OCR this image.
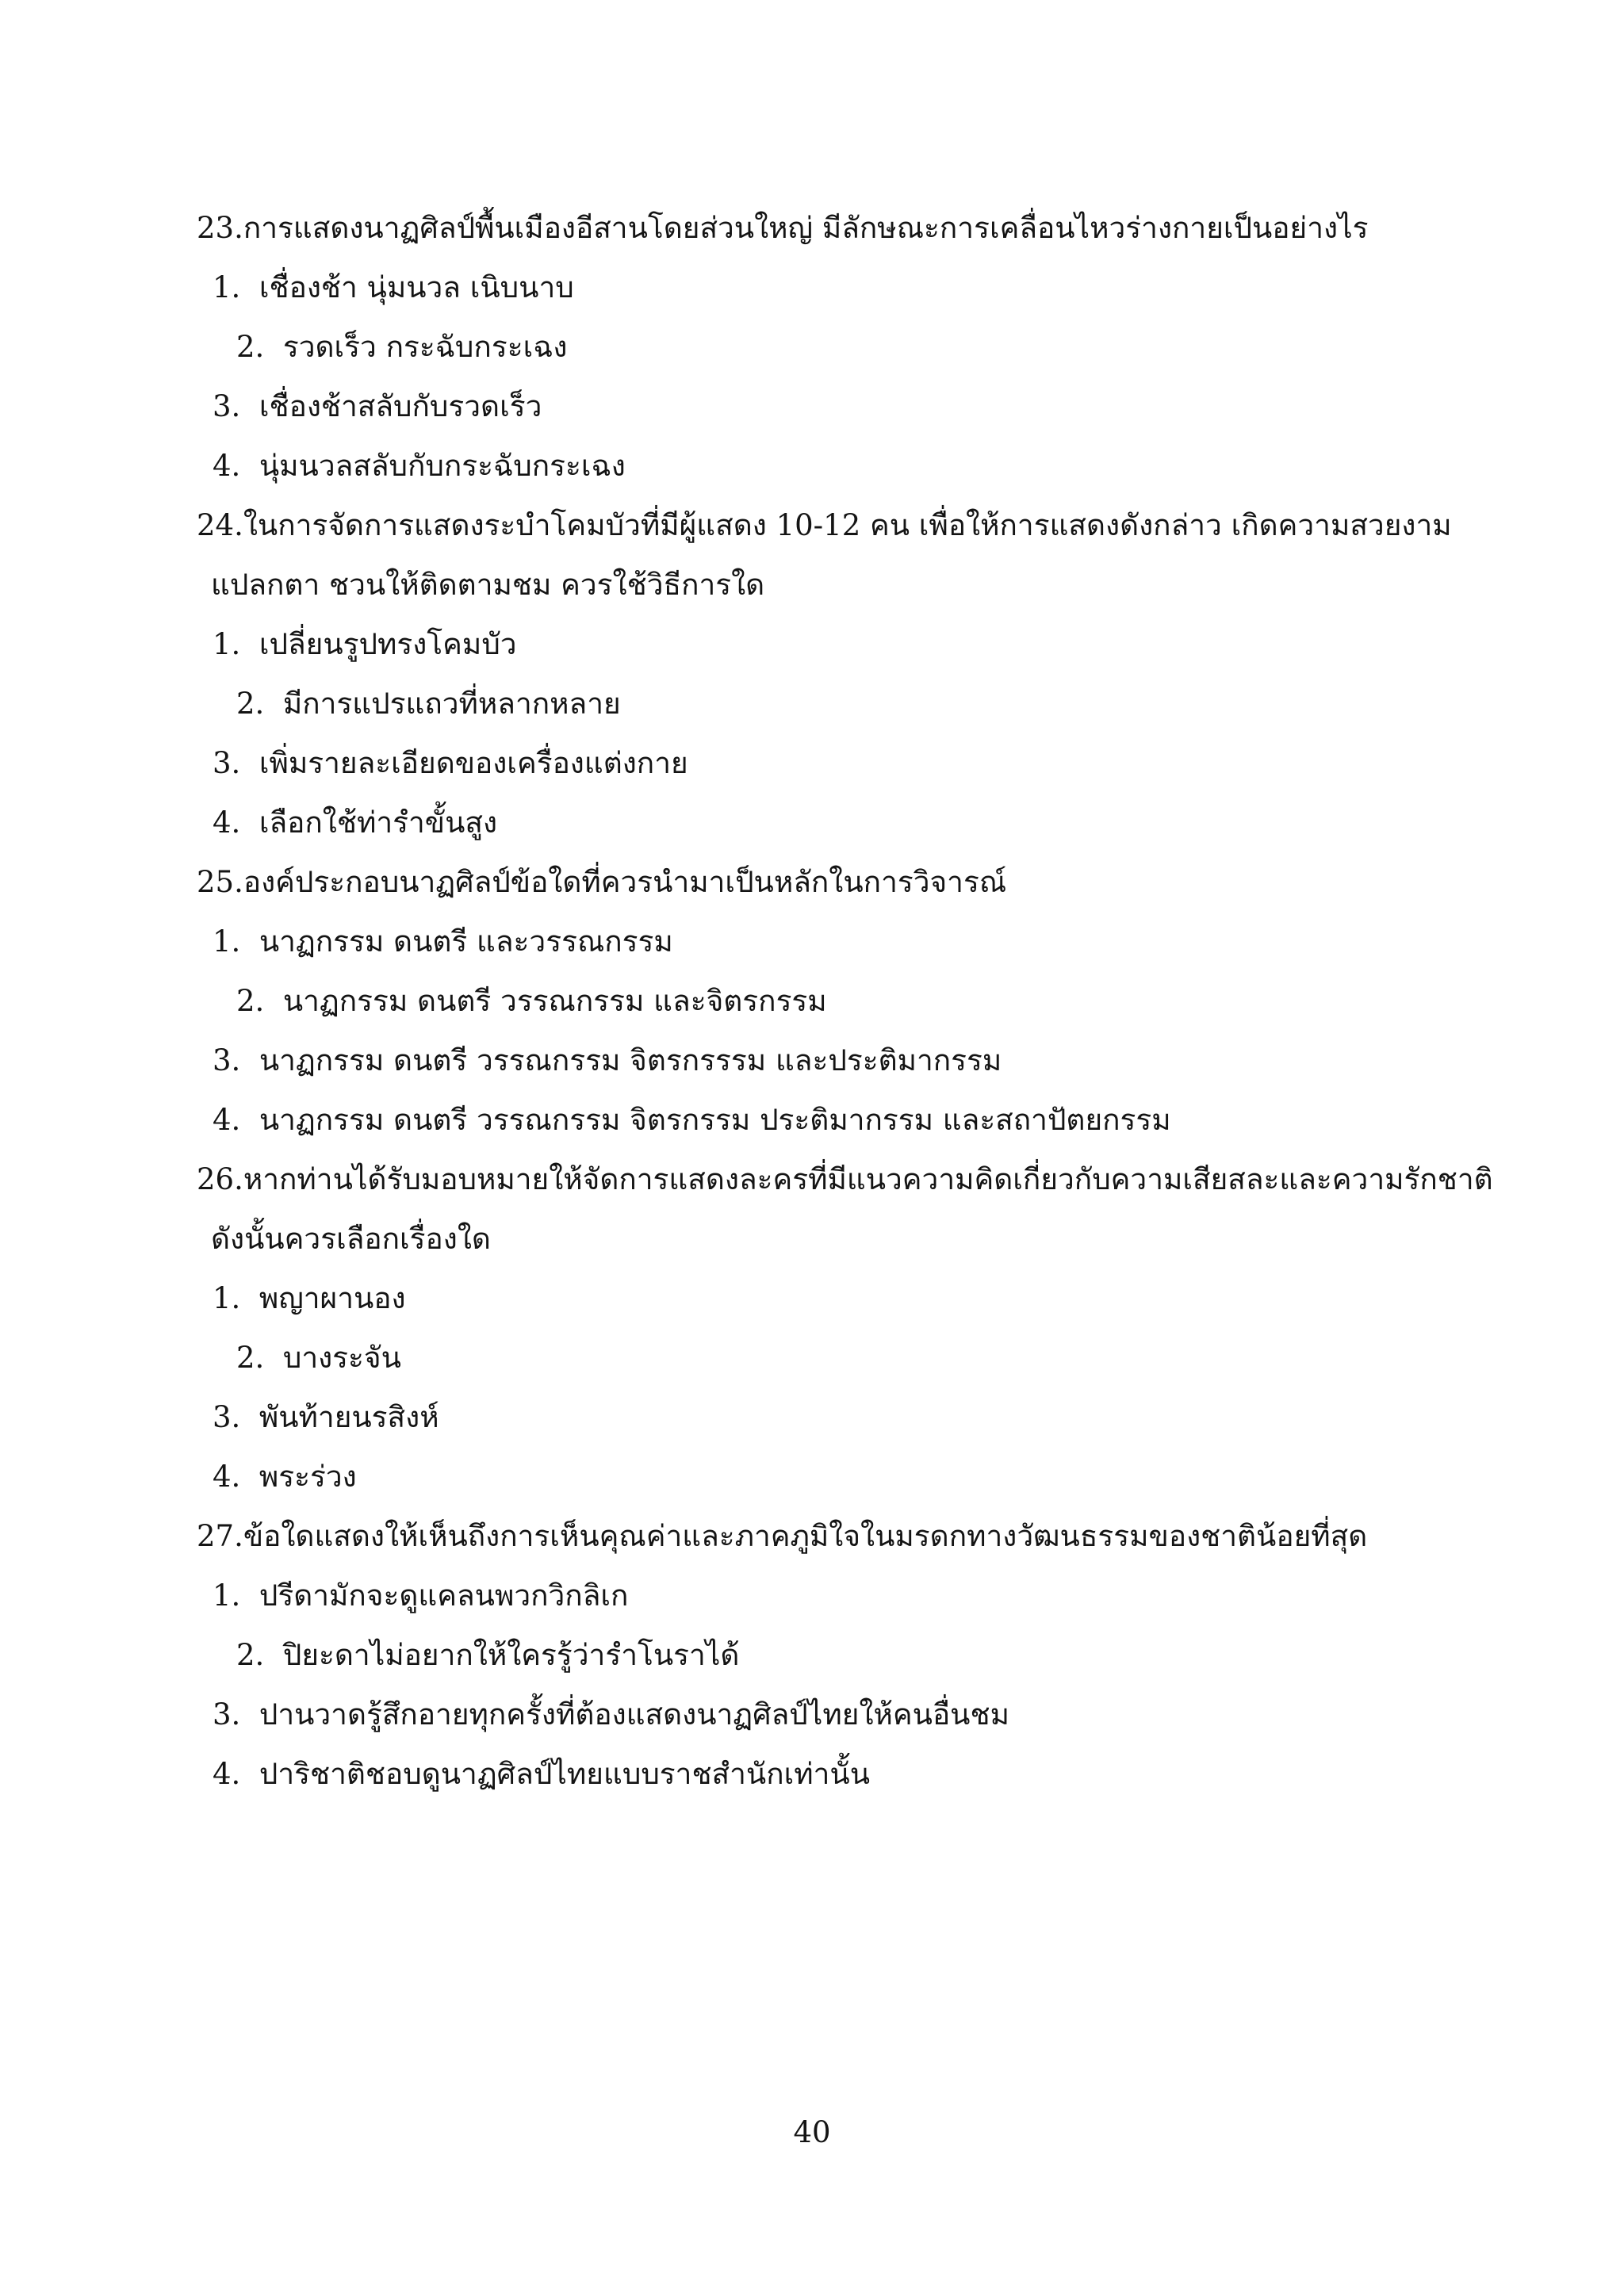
23.การแสดงนาฏศิลป์พื้นเมืองอีสานโดยส่วนใหญ่ มีลักษณะการเคลื่อนไหวร่างกายเป็นอย่างไร
1. เชื่องช้า นุ่มนวล เนิบนาบ
2. รวดเร็ว กระฉับกระเฉง
3. เชื่องช้าสลับกับรวดเร็ว
4. นุ่มนวลสลับกับกระฉับกระเฉง
24.ในการจัดการแสดงระบำโคมบัวที่มีผู้แสดง 10-12 คน เพื่อให้การแสดงดังกล่าว เกิดความสวยงาม
แปลกตา ชวนให้ติดตามชม ควรใช้วิธีการใด
1. เปลี่ยนรูปทรงโคมบัว
2. มีการแปรแถวที่หลากหลาย
3. เพิ่มรายละเอียดของเครื่องแต่งกาย
4. เลือกใช้ท่ารำขั้นสูง
25.องค์ประกอบนาฏศิลป์ข้อใดที่ควรนำมาเป็นหลักในการวิจารณ์
1. นาฏกรรม ดนตรี และวรรณกรรม
2. นาฏกรรม ดนตรี วรรณกรรม และจิตรกรรม
3. นาฏกรรม ดนตรี วรรณกรรม จิตรกรรรม และประติมากรรม
4. นาฏกรรม ดนตรี วรรณกรรม จิตรกรรม ประติมากรรม และสถาปัตยกรรม
26.หากท่านได้รับมอบหมายให้จัดการแสดงละครที่มีแนวความคิดเกี่ยวกับความเสียสละและความรักชาติ
ดังนั้นควรเลือกเรื่องใด
1. พญาผานอง
2. บางระจัน
3. พันท้ายนรสิงห์
4. พระร่วง
27.ข้อใดแสดงให้เห็นถึงการเห็นคุณค่าและภาคภูมิใจในมรดกทางวัฒนธรรมของชาติน้อยที่สุด
1. ปรีดามักจะดูแคลนพวกวิกลิเก
2. ปิยะดาไม่อยากให้ใครรู้ว่ารำโนราได้
3. ปานวาดรู้สึกอายทุกครั้งที่ต้องแสดงนาฏศิลป์ไทยให้คนอื่นชม
4. ปาริชาติชอบดูนาฏศิลป์ไทยแบบราชสำนักเท่านั้น
40
